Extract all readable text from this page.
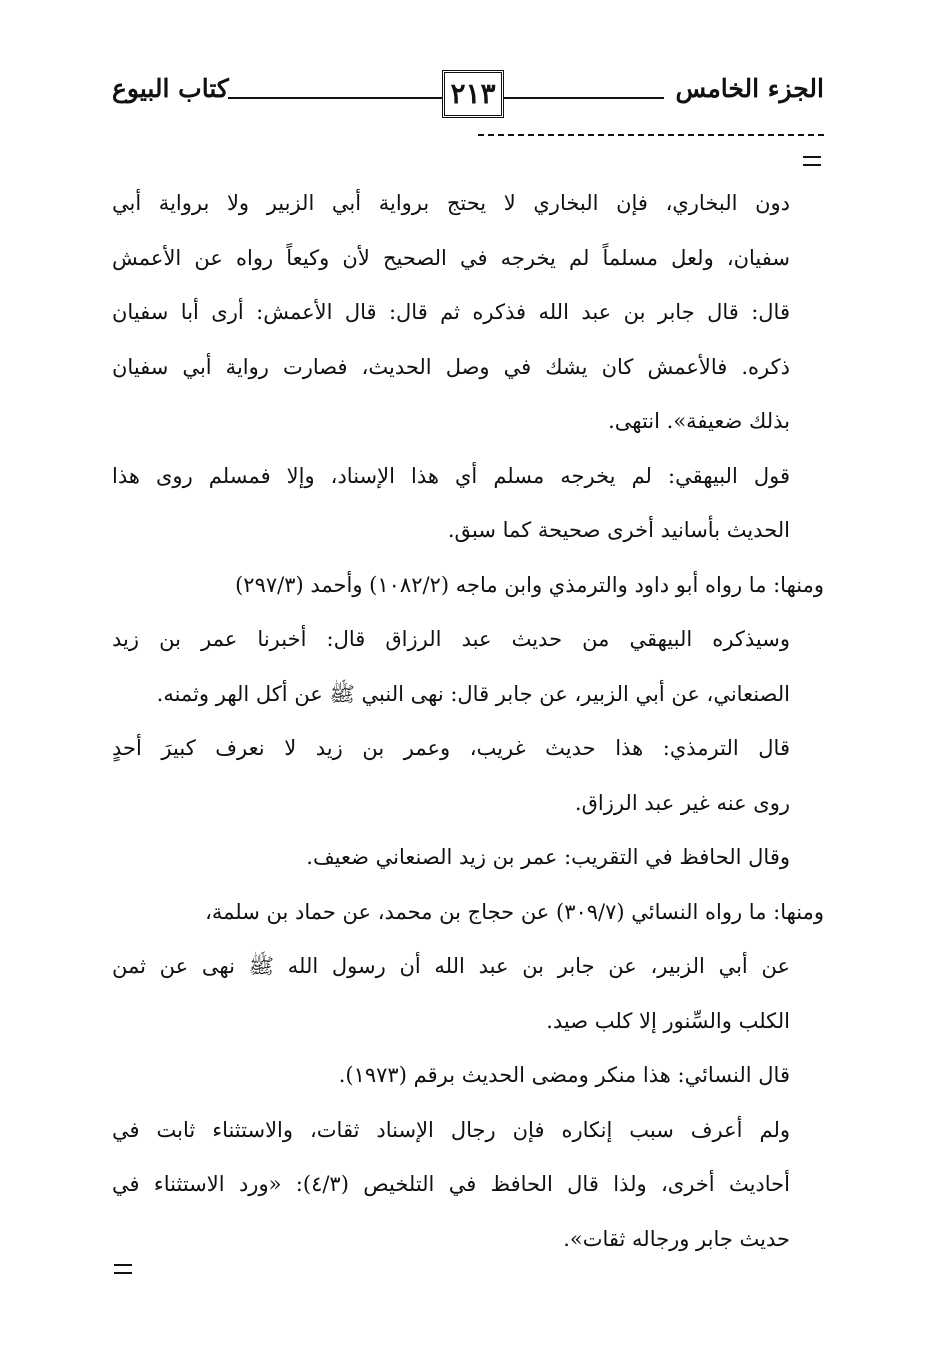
الجزء الخامس
٢١٣
كتاب البيوع

دون البخاري، فإن البخاري لا يحتج برواية أبي الزبير ولا برواية أبي
سفيان، ولعل مسلماً لم يخرجه في الصحيح لأن وكيعاً رواه عن الأعمش
قال: قال جابر بن عبد الله فذكره ثم قال: قال الأعمش: أرى أبا سفيان
ذكره. فالأعمش كان يشك في وصل الحديث، فصارت رواية أبي سفيان
بذلك ضعيفة». انتهى.

قول البيهقي: لم يخرجه مسلم أي هذا الإسناد، وإلا فمسلم روى هذا
الحديث بأسانيد أخرى صحيحة كما سبق.

ومنها: ما رواه أبو داود والترمذي وابن ماجه (١٠٨٢/٢) وأحمد (٢٩٧/٣)

وسيذكره البيهقي من حديث عبد الرزاق قال: أخبرنا عمر بن زيد
الصنعاني، عن أبي الزبير، عن جابر قال: نهى النبي ﷺ عن أكل الهر وثمنه.

قال الترمذي: هذا حديث غريب، وعمر بن زيد لا نعرف كبيرَ أحدٍ
روى عنه غير عبد الرزاق.

وقال الحافظ في التقريب: عمر بن زيد الصنعاني ضعيف.

ومنها: ما رواه النسائي (٣٠٩/٧) عن حجاج بن محمد، عن حماد بن سلمة،

عن أبي الزبير، عن جابر بن عبد الله أن رسول الله ﷺ نهى عن ثمن
الكلب والسِّنور إلا كلب صيد.

قال النسائي: هذا منكر ومضى الحديث برقم (١٩٧٣).

ولم أعرف سبب إنكاره فإن رجال الإسناد ثقات، والاستثناء ثابت في
أحاديث أخرى، ولذا قال الحافظ في التلخيص (٤/٣): «ورد الاستثناء في
حديث جابر ورجاله ثقات».
